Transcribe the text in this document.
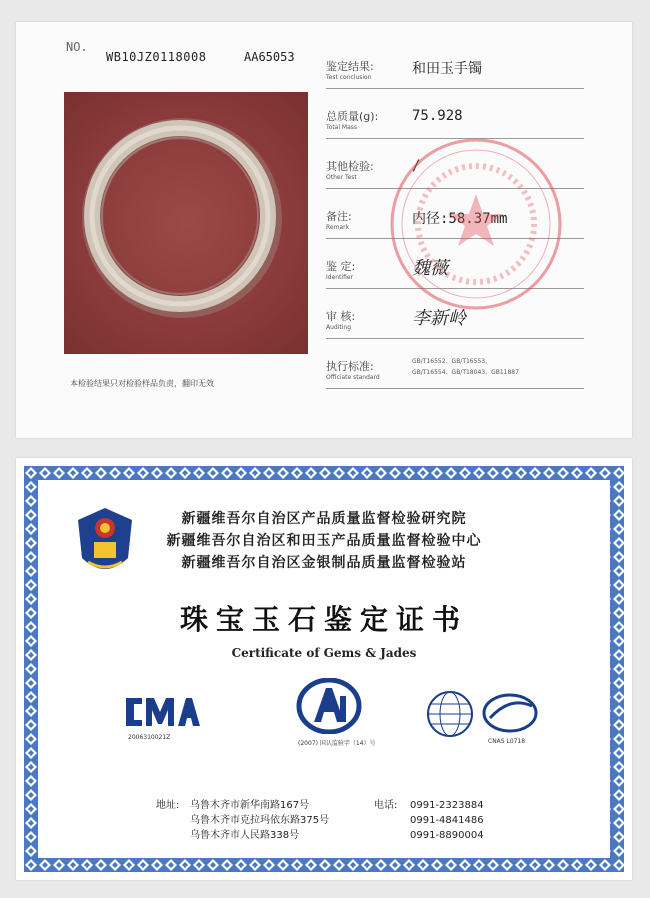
NO.
WB10JZ0118008	AA65053
本检验结果只对检验样品负责，翻印无效
鉴定结果:
Test conclusion
和田玉手镯
总质量(g):
Total Mass
75.928
其他检验:
Other Test
/
备注:
Remark
内径:58.37mm
鉴 定:
Identifier	魏薇
审 核:
Auditing	李新岭
执行标准:
Officiate standard
GB/T16552、GB/T16553、
GB/T16554、GB/T18043、GB11887
新疆维吾尔自治区产品质量监督检验研究院
新疆维吾尔自治区和田玉产品质量监督检验中心
新疆维吾尔自治区金银制品质量监督检验站
珠宝玉石鉴定证书
Certificate of Gems & Jades
2006310021Z
(2007) 国认监验字（14）号	CNAS L0718
地址: 乌鲁木齐市新华南路167号
乌鲁木齐市克拉玛依东路375号
乌鲁木齐市人民路338号
电话: 0991-2323884
0991-4841486
0991-8890004
